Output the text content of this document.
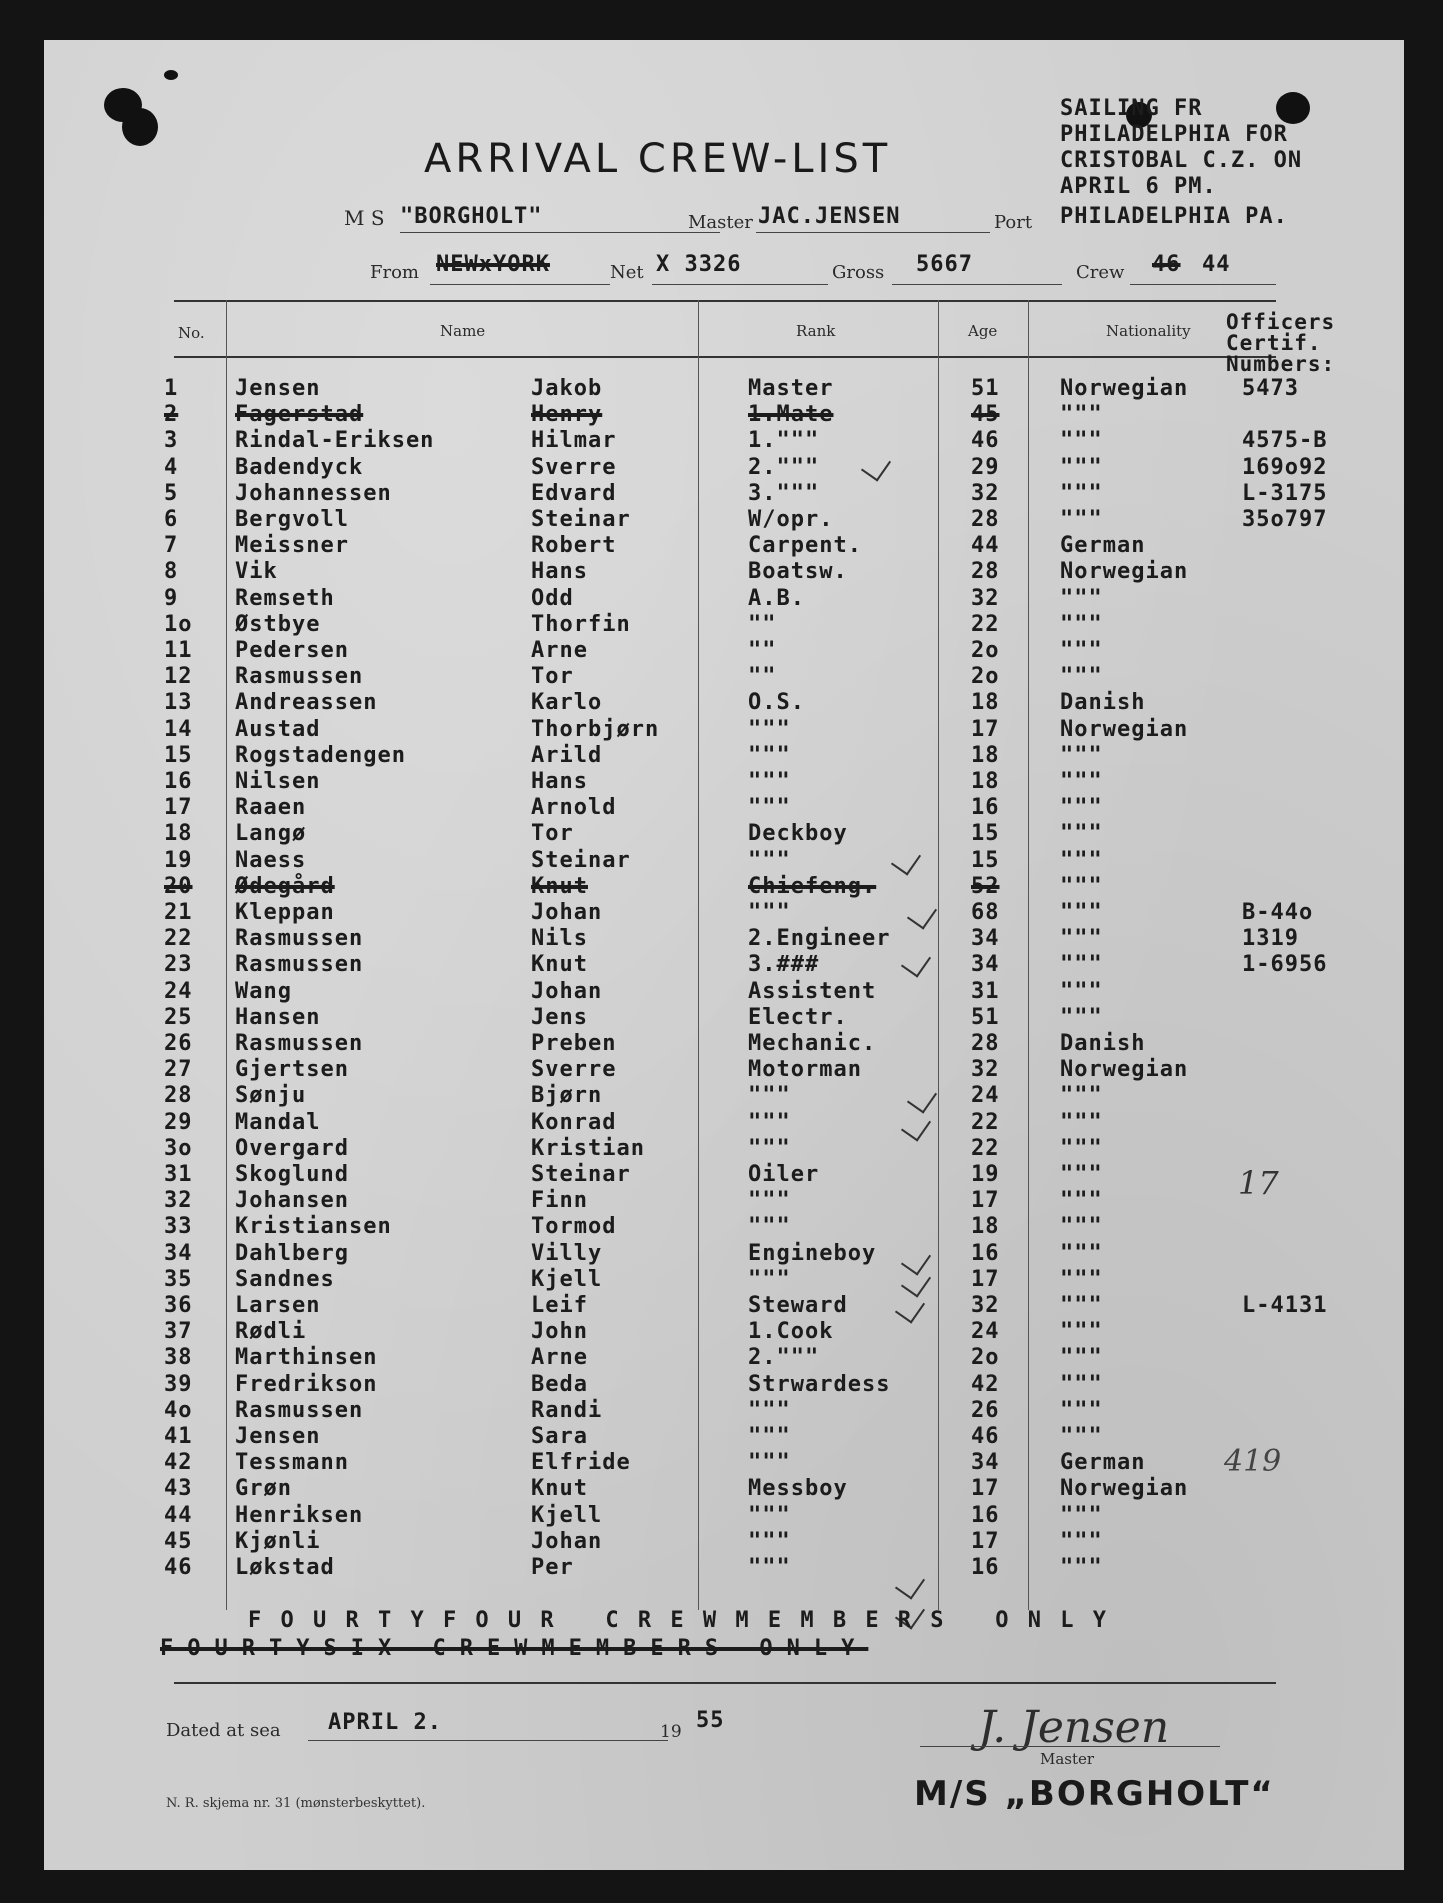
ARRIVAL CREW-LIST
SAILING FR
PHILADELPHIA FOR
CRISTOBAL C.Z. ON
APRIL 6 PM.
M S "BORGHOLT"	Master JAC.JENSEN	Port PHILADELPHIA PA.
From NEWxYORK	Net X 3326	Gross 5667	Crew 46 44
No.	Name	Rank	Age	Nationality Officers
Certif.
Numbers:
1	Jensen	Jakob	Master	51	Norwegian 5473
2	Fagerstad	Henry	1.Mate	45	"""
3	Rindal-Eriksen	Hilmar	1."""	46	"""	4575-B
4	Badendyck	Sverre	2."""	29	"""	169o92
5	Johannessen	Edvard	3."""	32	"""	L-3175
6	Bergvoll	Steinar	W/opr.	28	"""	35o797
7	Meissner	Robert	Carpent.	44	German
8	Vik	Hans	Boatsw.	28	Norwegian
9	Remseth	Odd	A.B.	32	"""
1o Østbye	Thorfin	""	22	"""
11 Pedersen	Arne	""	2o	"""
12 Rasmussen	Tor	""	2o	"""
13 Andreassen	Karlo	O.S.	18	Danish
14 Austad	Thorbjørn	"""	17	Norwegian
15 Rogstadengen	Arild	"""	18	"""
16 Nilsen	Hans	"""	18	"""
17 Raaen	Arnold	"""	16	"""
18 Langø	Tor	Deckboy	15	"""
19 Naess	Steinar	"""	15	"""
20 Ødegård	Knut	Chiefeng.	52	"""
21 Kleppan	Johan	"""	68	"""	B-44o
22 Rasmussen	Nils	2.Engineer	34	"""	1319
23 Rasmussen	Knut	3.###	34	"""	1-6956
24 Wang	Johan	Assistent	31	"""
25 Hansen	Jens	Electr.	51	"""
26 Rasmussen	Preben	Mechanic.	28	Danish
27 Gjertsen	Sverre	Motorman	32	Norwegian
28 Sønju	Bjørn	"""	24	"""
29 Mandal	Konrad	"""	22	"""
3o Overgard	Kristian	"""	22	"""
31 Skoglund	Steinar	Oiler	19	"""
32 Johansen	Finn	"""	17	"""
33 Kristiansen	Tormod	"""	18	"""
34 Dahlberg	Villy	Engineboy	16	"""
35 Sandnes	Kjell	"""	17	"""
36 Larsen	Leif	Steward	32	"""	L-4131
37 Rødli	John	1.Cook	24	"""
38 Marthinsen	Arne	2."""	2o	"""
39 Fredrikson	Beda	Strwardess	42	"""
4o Rasmussen	Randi	"""	26	"""
41 Jensen	Sara	"""	46	"""
42 Tessmann	Elfride	"""	34	German
43 Grøn	Knut	Messboy	17	Norwegian
44 Henriksen	Kjell	"""	16	"""
45 Kjønli	Johan	"""	17	"""
46 Løkstad	Per	"""	16	"""
17
419
F O U R T Y F O U R   C R E W M E M B E R S   O N L Y
FOURTYSIX CREWMEMBERS ONLY
Dated at sea APRIL 2.	19 55	J. Jensen
Master
M/S „BORGHOLT“
N. R. skjema nr. 31 (mønsterbeskyttet).
